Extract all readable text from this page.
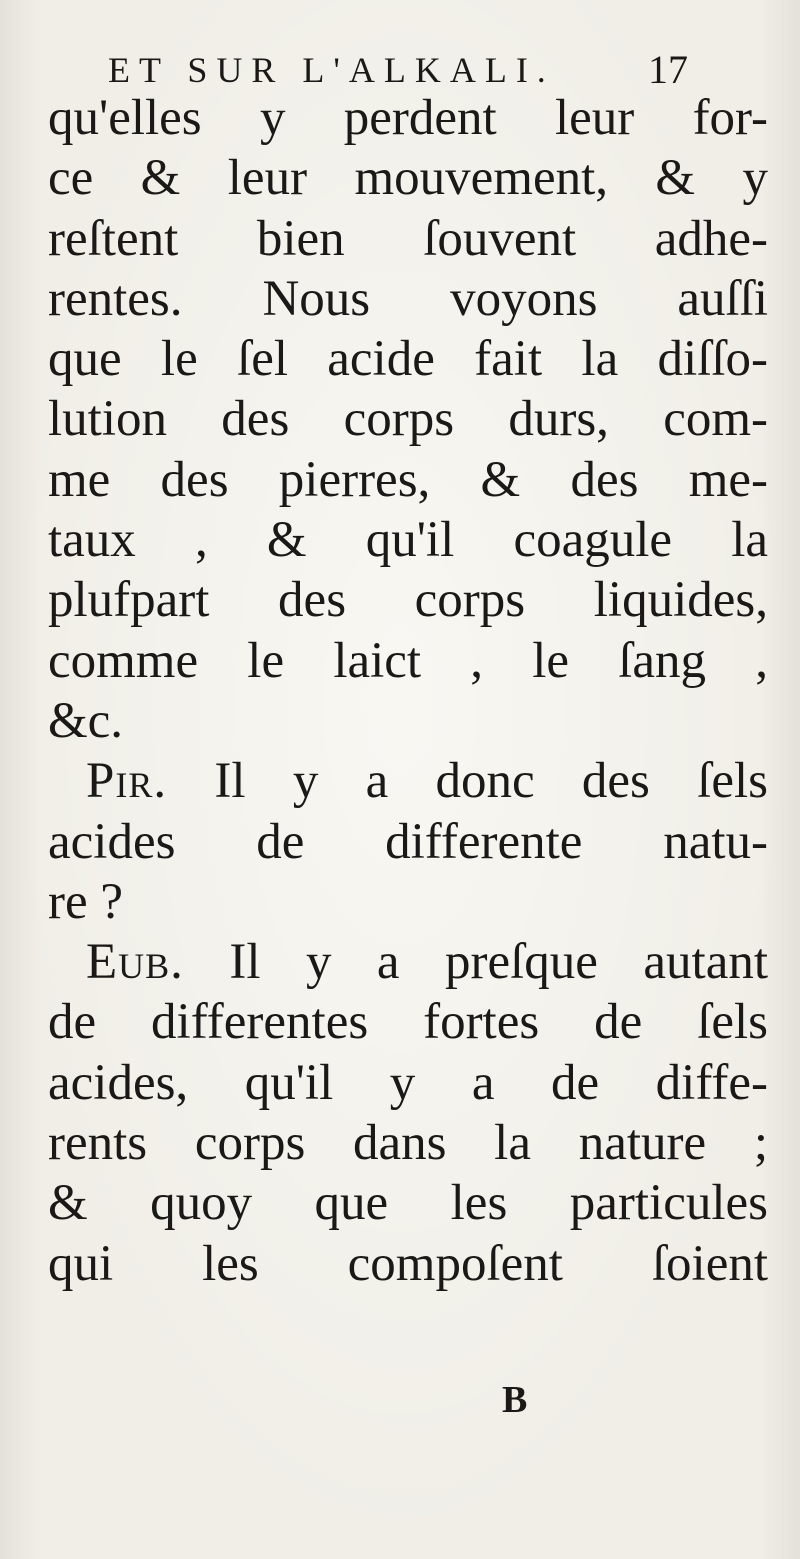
ET SUR L'ALKALI. 17
qu'elles y perdent leur for-
ce & leur mouvement, & y
reſtent bien ſouvent adhe-
rentes. Nous voyons auſſi
que le ſel acide fait la diſſo-
lution des corps durs, com-
me des pierres, & des me-
taux , & qu'il coagule la
plufpart des corps liquides,
comme le laict , le ſang ,
&c.
Pir. Il y a donc des ſels
acides de differente natu-
re ?
Eub. Il y a preſque autant
de differentes fortes de ſels
acides, qu'il y a de diffe-
rents corps dans la nature ;
& quoy que les particules
qui les compoſent ſoient
B
